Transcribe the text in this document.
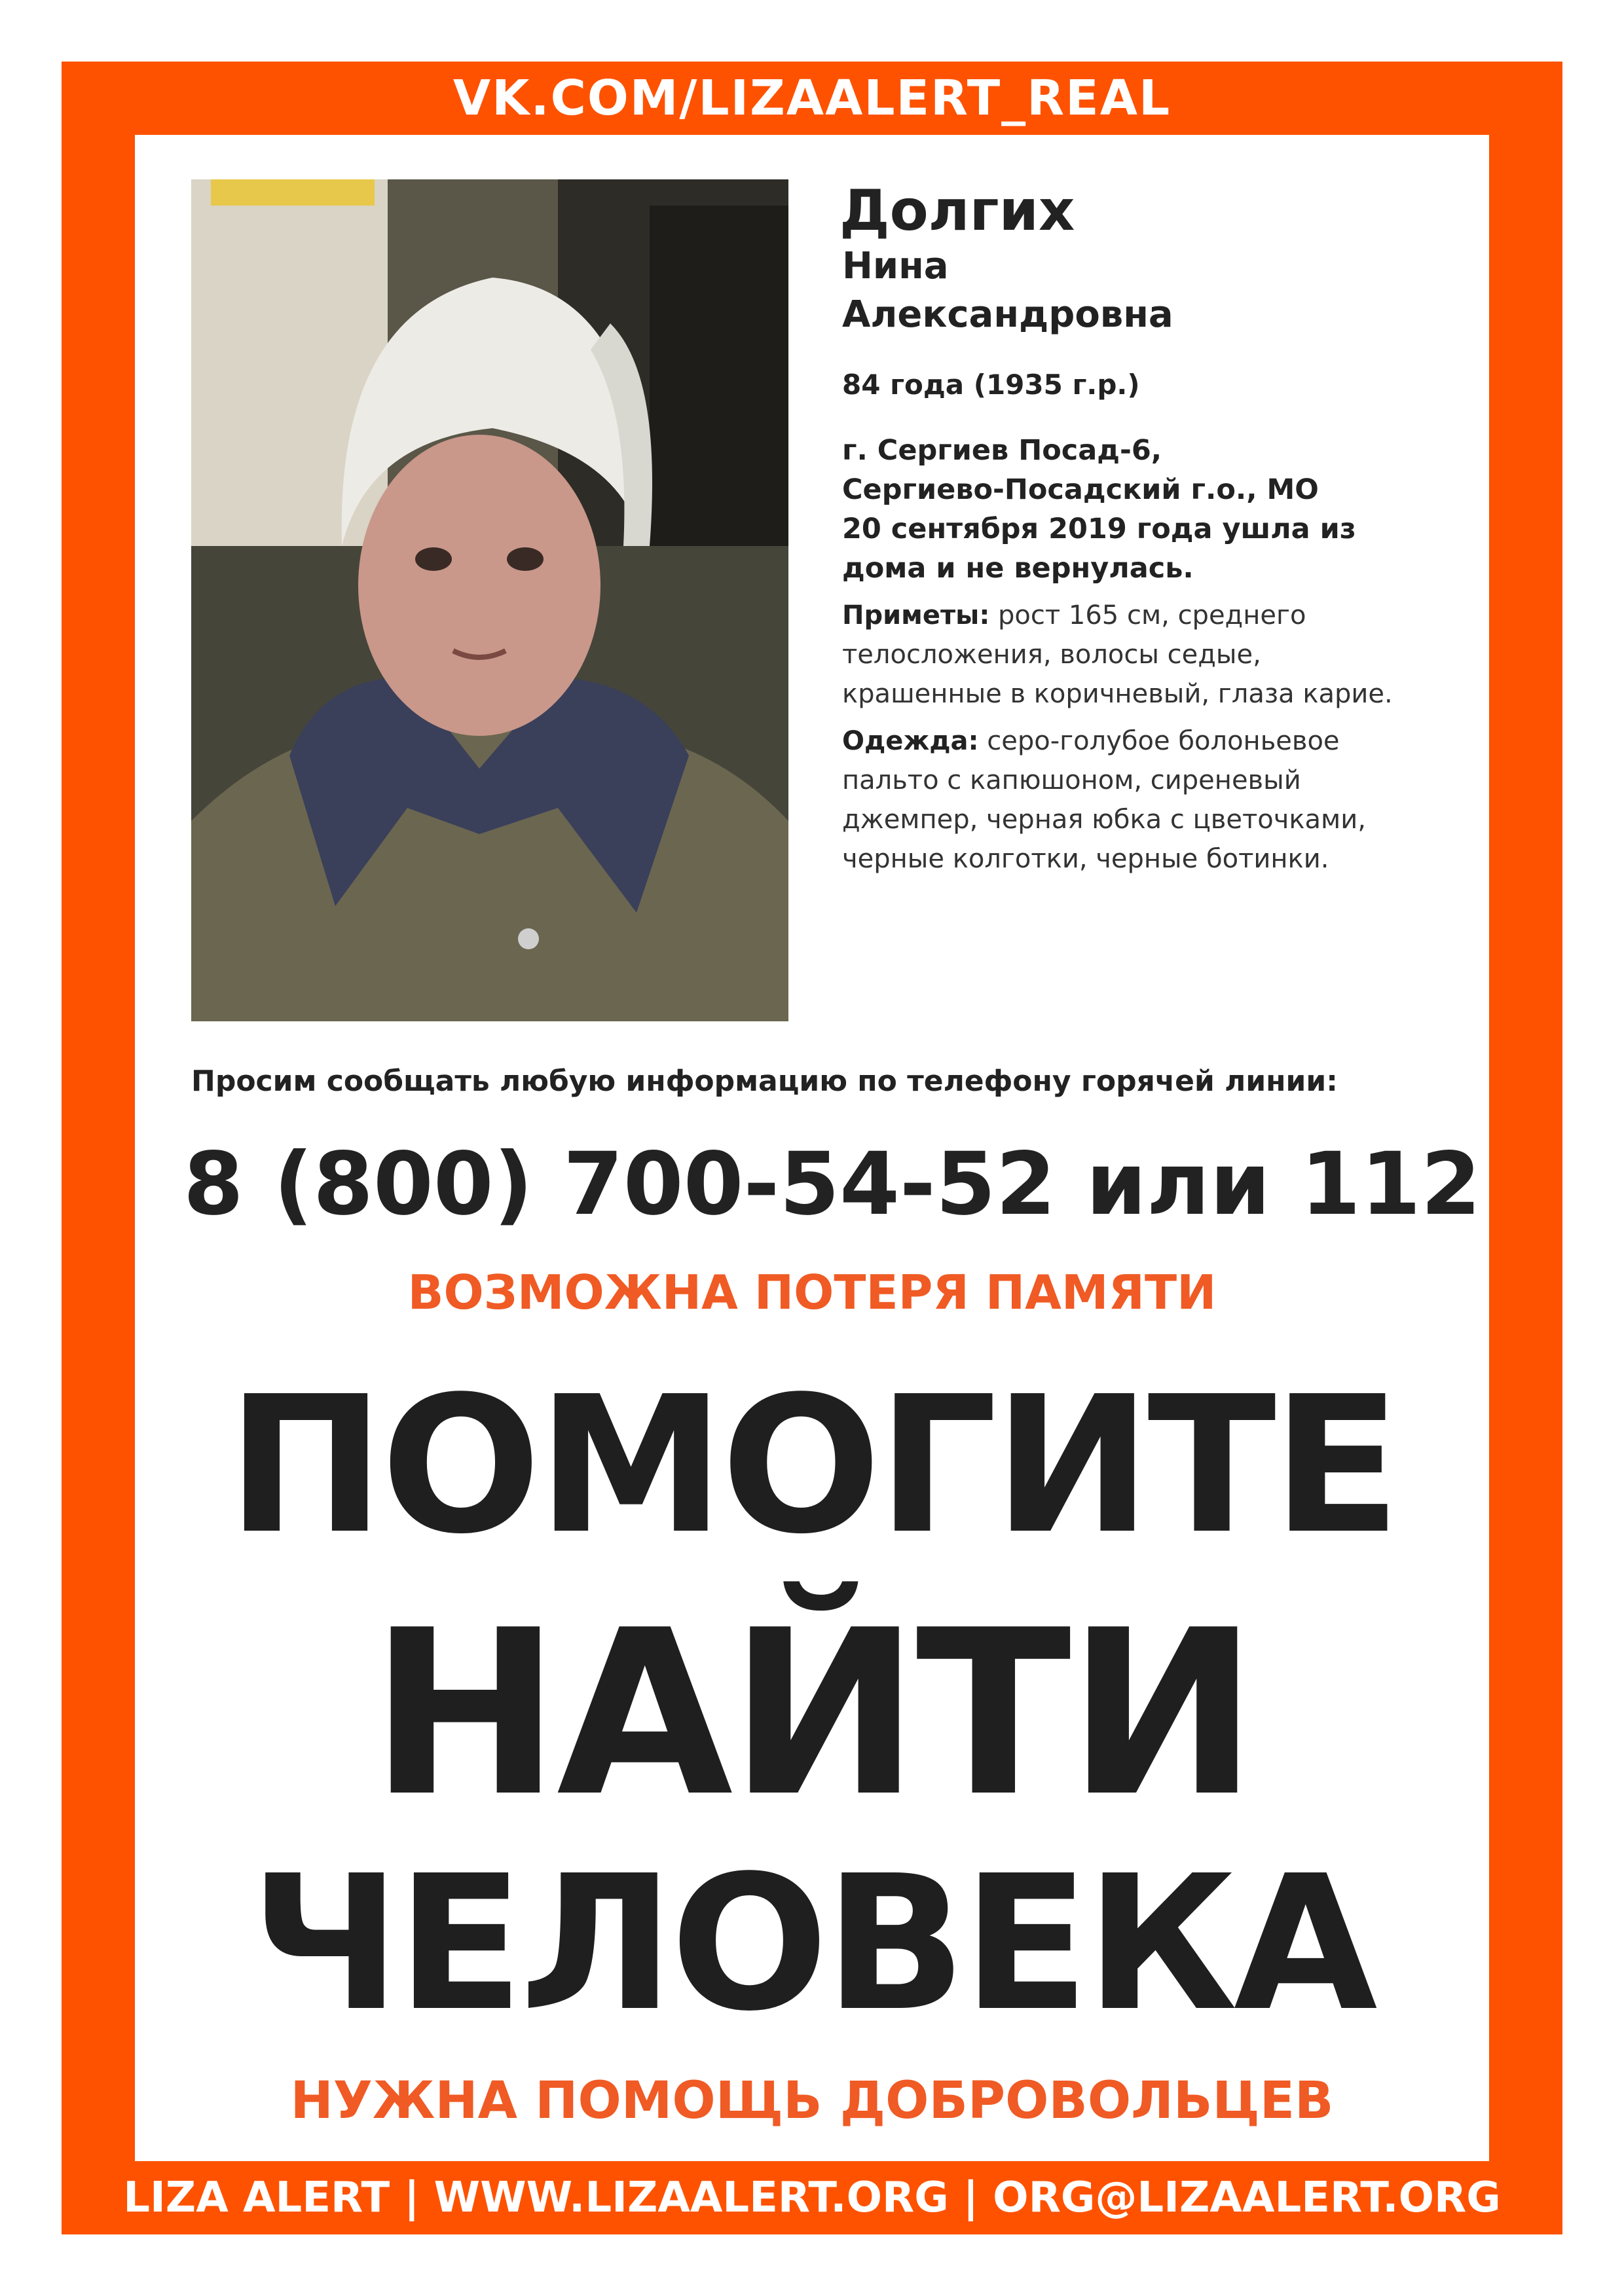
VK.COM/LIZAALERT_REAL
LIZA ALERT | WWW.LIZAALERT.ORG | ORG@LIZAALERT.ORG
Долгих
Нина
Александровна
84 года (1935 г.р.)
г. Сергиев Посад-6,
Сергиево-Посадский г.о., МО
20 сентября 2019 года ушла из
дома и не вернулась.
Приметы: рост 165 см, среднего телосложения, волосы седые, крашенные в коричневый, глаза карие.
Одежда: серо-голубое болоньевое пальто с капюшоном, сиреневый джемпер, черная юбка с цветочками, черные колготки, черные ботинки.
Просим сообщать любую информацию по телефону горячей линии:
8 (800) 700-54-52 или 112
ВОЗМОЖНА ПОТЕРЯ ПАМЯТИ
ПОМОГИТЕ
НАЙТИ
ЧЕЛОВЕКА
НУЖНА ПОМОЩЬ ДОБРОВОЛЬЦЕВ
